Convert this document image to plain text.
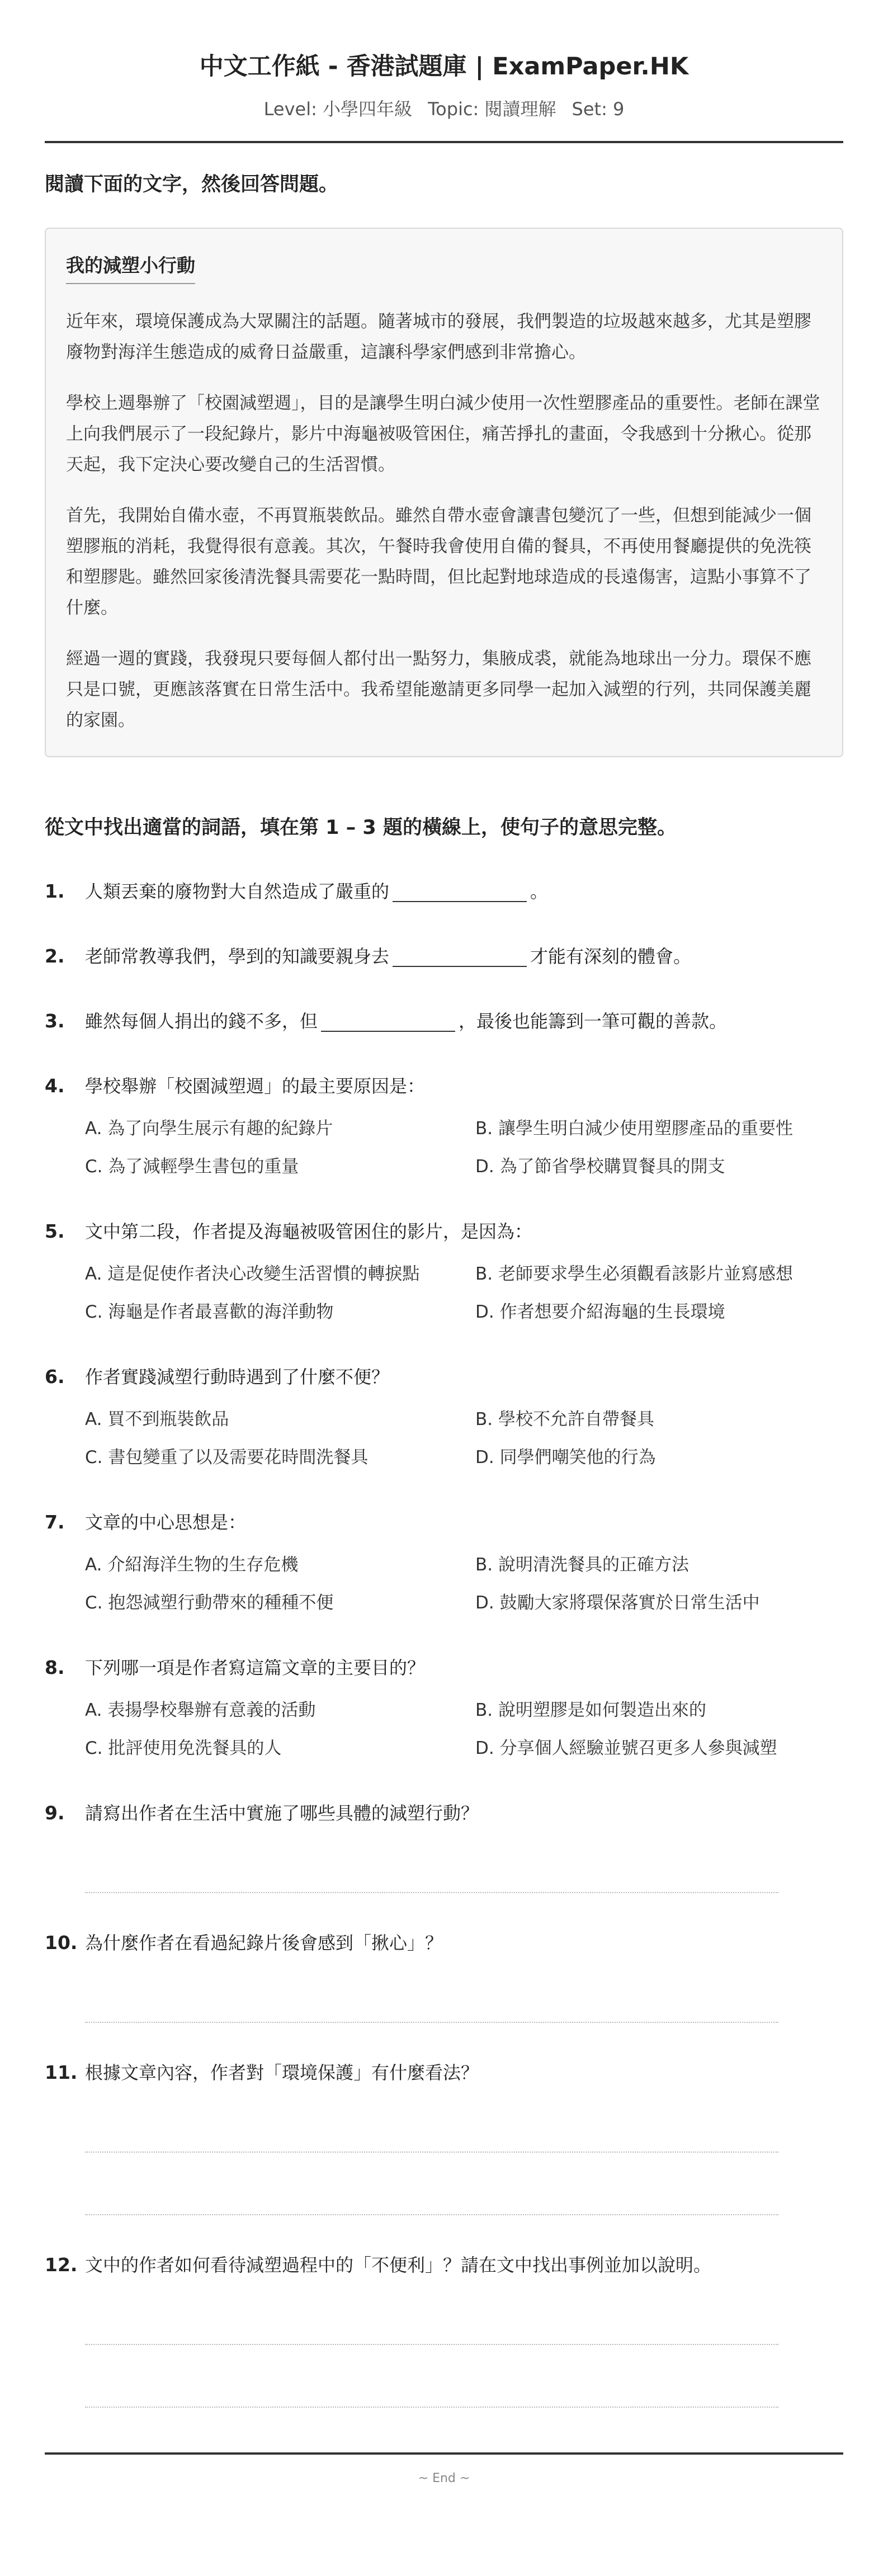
中文工作紙 - 香港試題庫 | ExamPaper.HK
Level: 小學四年級 Topic: 閱讀理解 Set: 9
閱讀下面的文字，然後回答問題。
我的減塑小行動

近年來，環境保護成為大眾關注的話題。隨著城市的發展，我們製造的垃圾越來越多，尤其是塑膠廢物對海洋生態造成的威脅日益嚴重，這讓科學家們感到非常擔心。

學校上週舉辦了「校園減塑週」，目的是讓學生明白減少使用一次性塑膠產品的重要性。老師在課堂上向我們展示了一段紀錄片，影片中海龜被吸管困住，痛苦掙扎的畫面，令我感到十分揪心。從那天起，我下定決心要改變自己的生活習慣。

首先，我開始自備水壺，不再買瓶裝飲品。雖然自帶水壺會讓書包變沉了一些，但想到能減少一個塑膠瓶的消耗，我覺得很有意義。其次，午餐時我會使用自備的餐具，不再使用餐廳提供的免洗筷和塑膠匙。雖然回家後清洗餐具需要花一點時間，但比起對地球造成的長遠傷害，這點小事算不了什麼。

經過一週的實踐，我發現只要每個人都付出一點努力，集腋成裘，就能為地球出一分力。環保不應只是口號，更應該落實在日常生活中。我希望能邀請更多同學一起加入減塑的行列，共同保護美麗的家園。

從文中找出適當的詞語，填在第 1 – 3 題的橫線上，使句子的意思完整。
1.	人類丟棄的廢物對大自然造成了嚴重的	。
2.	老師常教導我們，學到的知識要親身去	才能有深刻的體會。
3.	雖然每個人捐出的錢不多，但	，最後也能籌到一筆可觀的善款。
4.	學校舉辦「校園減塑週」的最主要原因是：
A. 為了向學生展示有趣的紀錄片	B. 讓學生明白減少使用塑膠產品的重要性
C. 為了減輕學生書包的重量	D. 為了節省學校購買餐具的開支
5.	文中第二段，作者提及海龜被吸管困住的影片，是因為：
A. 這是促使作者決心改變生活習慣的轉捩點	B. 老師要求學生必須觀看該影片並寫感想
C. 海龜是作者最喜歡的海洋動物	D. 作者想要介紹海龜的生長環境
6.	作者實踐減塑行動時遇到了什麼不便？
A. 買不到瓶裝飲品	B. 學校不允許自帶餐具
C. 書包變重了以及需要花時間洗餐具	D. 同學們嘲笑他的行為
7.	文章的中心思想是：
A. 介紹海洋生物的生存危機	B. 說明清洗餐具的正確方法
C. 抱怨減塑行動帶來的種種不便	D. 鼓勵大家將環保落實於日常生活中
8.	下列哪一項是作者寫這篇文章的主要目的？
A. 表揚學校舉辦有意義的活動	B. 說明塑膠是如何製造出來的
C. 批評使用免洗餐具的人	D. 分享個人經驗並號召更多人參與減塑
9.	請寫出作者在生活中實施了哪些具體的減塑行動？
10. 為什麼作者在看過紀錄片後會感到「揪心」？
11. 根據文章內容，作者對「環境保護」有什麼看法？
12. 文中的作者如何看待減塑過程中的「不便利」？請在文中找出事例並加以說明。
~ End ~
